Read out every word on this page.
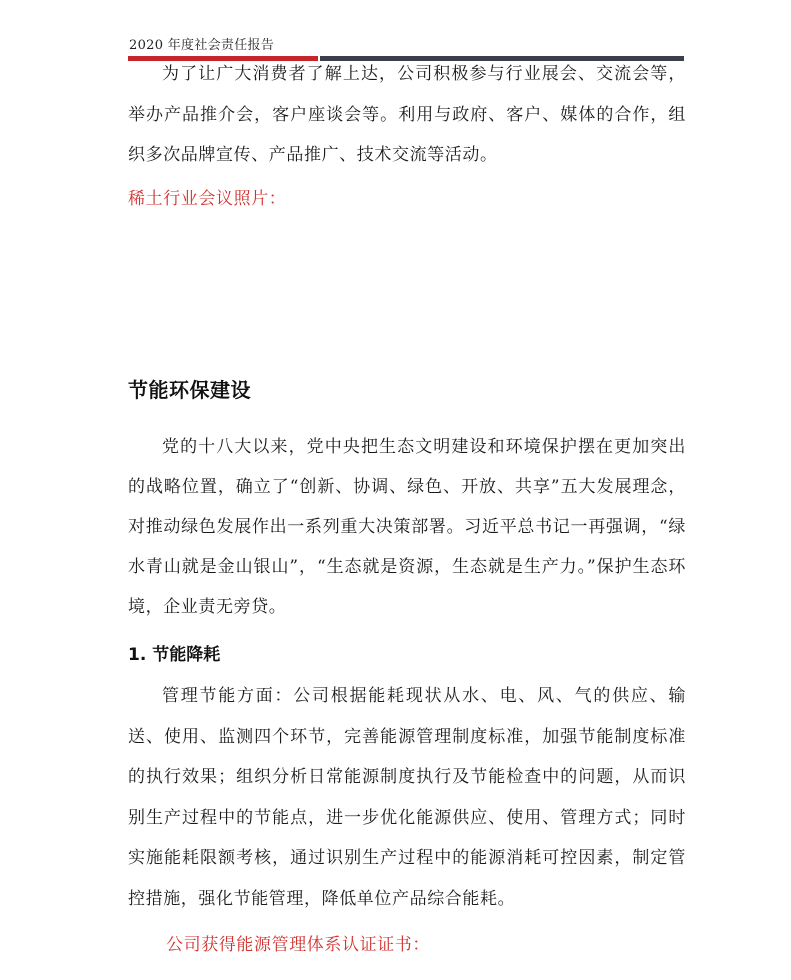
2020 年度社会责任报告

为了让广大消费者了解上达，公司积极参与行业展会、交流会等，举办产品推介会，客户座谈会等。利用与政府、客户、媒体的合作，组织多次品牌宣传、产品推广、技术交流等活动。

稀土行业会议照片：

节能环保建设

党的十八大以来，党中央把生态文明建设和环境保护摆在更加突出的战略位置，确立了“创新、协调、绿色、开放、共享”五大发展理念，对推动绿色发展作出一系列重大决策部署。习近平总书记一再强调，“绿水青山就是金山银山”，“生态就是资源，生态就是生产力。”保护生态环境，企业责无旁贷。

1. 节能降耗

管理节能方面：公司根据能耗现状从水、电、风、气的供应、输送、使用、监测四个环节，完善能源管理制度标准，加强节能制度标准的执行效果；组织分析日常能源制度执行及节能检查中的问题，从而识别生产过程中的节能点，进一步优化能源供应、使用、管理方式；同时实施能耗限额考核，通过识别生产过程中的能源消耗可控因素，制定管控措施，强化节能管理，降低单位产品综合能耗。

公司获得能源管理体系认证证书：
